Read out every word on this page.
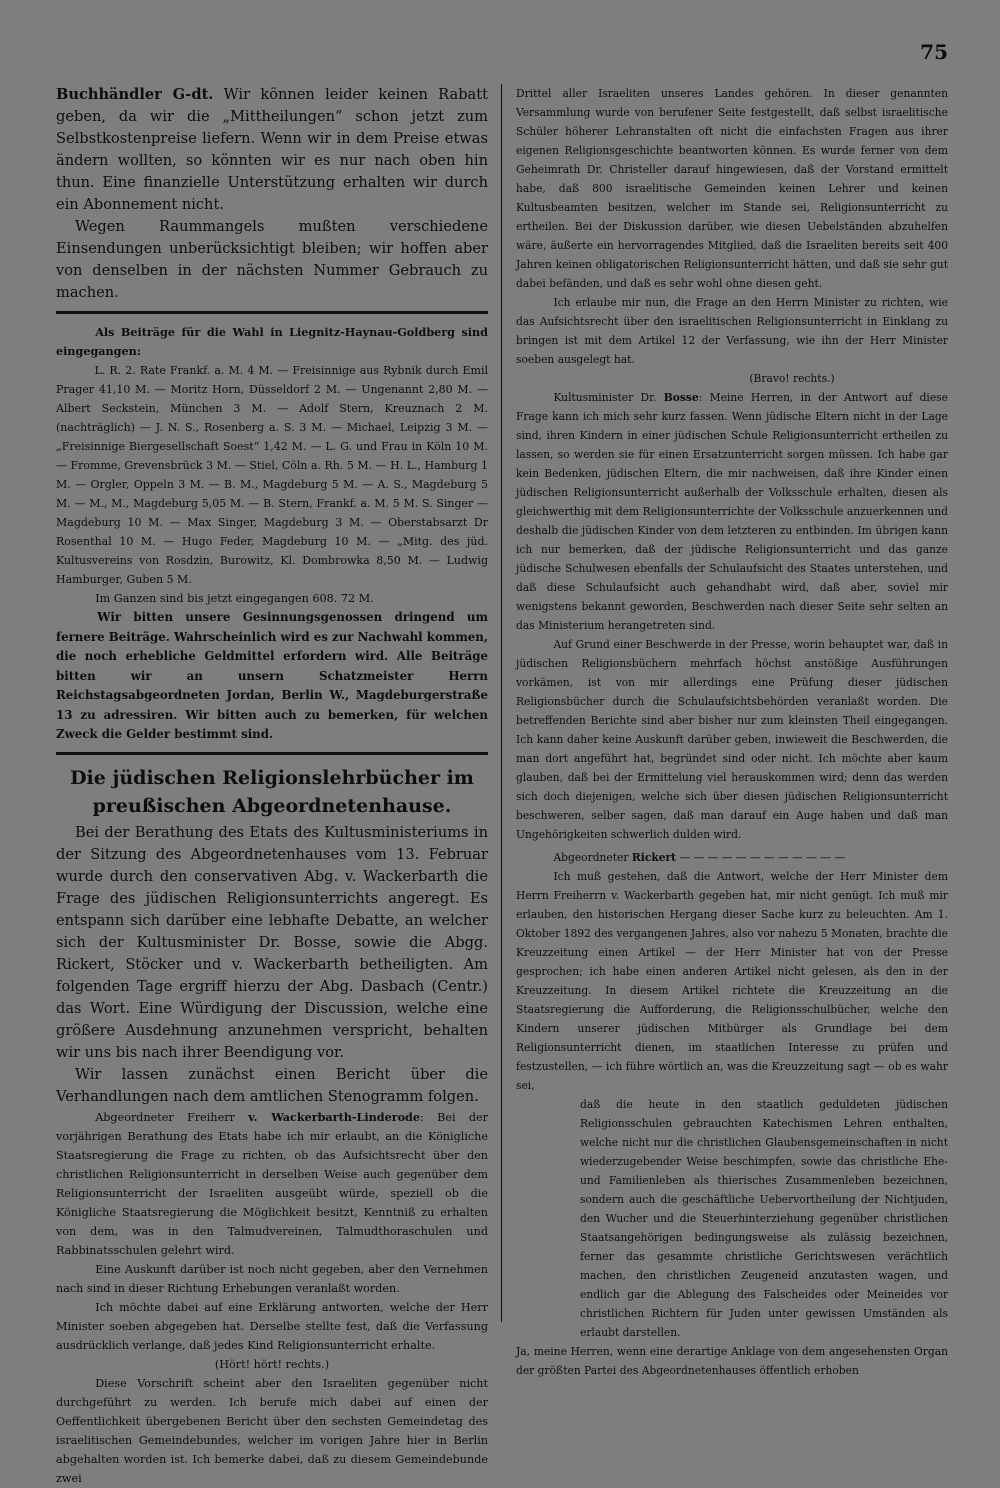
75

Buchhändler G-dt. Wir können leider keinen Rabatt geben, da wir die „Mittheilungen“ schon jetzt zum Selbstkostenpreise liefern. Wenn wir in dem Preise etwas ändern wollten, so könnten wir es nur nach oben hin thun. Eine finanzielle Unterstützung erhalten wir durch ein Abonnement nicht.

Wegen Raummangels mußten verschiedene Einsendungen unberücksichtigt bleiben; wir hoffen aber von denselben in der nächsten Nummer Gebrauch zu machen.

Als Beiträge für die Wahl in Liegnitz-Haynau-Goldberg sind eingegangen:

L. R. 2. Rate Frankf. a. M. 4 M. — Freisinnige aus Rybnik durch Emil Prager 41,10 M. — Moritz Horn, Düsseldorf 2 M. — Ungenannt 2,80 M. — Albert Seckstein, München 3 M. — Adolf Stern, Kreuznach 2 M. (nachträglich) — J. N. S., Rosenberg a. S. 3 M. — Michael, Leipzig 3 M. — „Freisinnige Biergesellschaft Soest“ 1,42 M. — L. G. und Frau in Köln 10 M. — Fromme, Grevensbrück 3 M. — Stiel, Cöln a. Rh. 5 M. — H. L., Hamburg 1 M. — Orgler, Oppeln 3 M. — B. M., Magdeburg 5 M. — A. S., Magdeburg 5 M. — M., M., Magdeburg 5,05 M. — B. Stern, Frankf. a. M. 5 M. S. Singer — Magdeburg 10 M. — Max Singer, Magdeburg 3 M. — Oberstabsarzt Dr Rosenthal 10 M. — Hugo Feder, Magdeburg 10 M. — „Mitg. des jüd. Kultusvereins von Rosdzin, Burowitz, Kl. Dombrowka 8,50 M. — Ludwig Hamburger, Guben 5 M.

Im Ganzen sind bis jetzt eingegangen 608. 72 M.

Wir bitten unsere Gesinnungsgenossen dringend um fernere Beiträge. Wahrscheinlich wird es zur Nachwahl kommen, die noch erhebliche Geldmittel erfordern wird. Alle Beiträge bitten wir an unsern Schatzmeister Herrn Reichstagsabgeordneten Jordan, Berlin W., Magdeburgerstraße 13 zu adressiren. Wir bitten auch zu bemerken, für welchen Zweck die Gelder bestimmt sind.

Die jüdischen Religionslehrbücher im preußischen Abgeordnetenhause.

Bei der Berathung des Etats des Kultusministeriums in der Sitzung des Abgeordnetenhauses vom 13. Februar wurde durch den conservativen Abg. v. Wackerbarth die Frage des jüdischen Religionsunterrichts angeregt. Es entspann sich darüber eine lebhafte Debatte, an welcher sich der Kultusminister Dr. Bosse, sowie die Abgg. Rickert, Stöcker und v. Wackerbarth betheiligten. Am folgenden Tage ergriff hierzu der Abg. Dasbach (Centr.) das Wort. Eine Würdigung der Discussion, welche eine größere Ausdehnung anzunehmen verspricht, behalten wir uns bis nach ihrer Beendigung vor.

Wir lassen zunächst einen Bericht über die Verhandlungen nach dem amtlichen Stenogramm folgen.

Abgeordneter Freiherr v. Wackerbarth-Linderode: Bei der vorjährigen Berathung des Etats habe ich mir erlaubt, an die Königliche Staatsregierung die Frage zu richten, ob das Aufsichtsrecht über den christlichen Religionsunterricht in derselben Weise auch gegenüber dem Religionsunterricht der Israeliten ausgeübt würde, speziell ob die Königliche Staatsregierung die Möglichkeit besitzt, Kenntniß zu erhalten von dem, was in den Talmudvereinen, Talmudthoraschulen und Rabbinatsschulen gelehrt wird.

Eine Auskunft darüber ist noch nicht gegeben, aber den Vernehmen nach sind in dieser Richtung Erhebungen veranlaßt worden.

Ich möchte dabei auf eine Erklärung antworten, welche der Herr Minister soeben abgegeben hat. Derselbe stellte fest, daß die Verfassung ausdrücklich verlange, daß jedes Kind Religionsunterricht erhalte.

(Hört! hört! rechts.)

Diese Vorschrift scheint aber den Israeliten gegenüber nicht durchgeführt zu werden. Ich berufe mich dabei auf einen der Oeffentlichkeit übergebenen Bericht über den sechsten Gemeindetag des israelitischen Gemeindebundes, welcher im vorigen Jahre hier in Berlin abgehalten worden ist. Ich bemerke dabei, daß zu diesem Gemeindebunde zwei

Drittel aller Israeliten unseres Landes gehören. In dieser genannten Versammlung wurde von berufener Seite festgestellt, daß selbst israelitische Schüler höherer Lehranstalten oft nicht die einfachsten Fragen aus ihrer eigenen Religionsgeschichte beantworten können. Es wurde ferner von dem Geheimrath Dr. Christeller darauf hingewiesen, daß der Vorstand ermittelt habe, daß 800 israelitische Gemeinden keinen Lehrer und keinen Kultusbeamten besitzen, welcher im Stande sei, Religionsunterricht zu ertheilen. Bei der Diskussion darüber, wie diesen Uebelständen abzuhelfen wäre, äußerte ein hervorragendes Mitglied, daß die Israeliten bereits seit 400 Jahren keinen obligatorischen Religionsunterricht hätten, und daß sie sehr gut dabei befänden, und daß es sehr wohl ohne diesen geht.

Ich erlaube mir nun, die Frage an den Herrn Minister zu richten, wie das Aufsichtsrecht über den israelitischen Religionsunterricht in Einklang zu bringen ist mit dem Artikel 12 der Verfassung, wie ihn der Herr Minister soeben ausgelegt hat.

(Bravo! rechts.)

Kultusminister Dr. Bosse: Meine Herren, in der Antwort auf diese Frage kann ich mich sehr kurz fassen. Wenn jüdische Eltern nicht in der Lage sind, ihren Kindern in einer jüdischen Schule Religionsunterricht ertheilen zu lassen, so werden sie für einen Ersatzunterricht sorgen müssen. Ich habe gar kein Bedenken, jüdischen Eltern, die mir nachweisen, daß ihre Kinder einen jüdischen Religionsunterricht außerhalb der Volksschule erhalten, diesen als gleichwerthig mit dem Religionsunterrichte der Volksschule anzuerkennen und deshalb die jüdischen Kinder von dem letzteren zu entbinden. Im übrigen kann ich nur bemerken, daß der jüdische Religionsunterricht und das ganze jüdische Schulwesen ebenfalls der Schulaufsicht des Staates unterstehen, und daß diese Schulaufsicht auch gehandhabt wird, daß aber, soviel mir wenigstens bekannt geworden, Beschwerden nach dieser Seite sehr selten an das Ministerium herangetreten sind.

Auf Grund einer Beschwerde in der Presse, worin behauptet war, daß in jüdischen Religionsbüchern mehrfach höchst anstößige Ausführungen vorkämen, ist von mir allerdings eine Prüfung dieser jüdischen Religionsbücher durch die Schulaufsichtsbehörden veranlaßt worden. Die betreffenden Berichte sind aber bisher nur zum kleinsten Theil eingegangen. Ich kann daher keine Auskunft darüber geben, inwieweit die Beschwerden, die man dort angeführt hat, begründet sind oder nicht. Ich möchte aber kaum glauben, daß bei der Ermittelung viel herauskommen wird; denn das werden sich doch diejenigen, welche sich über diesen jüdischen Religionsunterricht beschweren, selber sagen, daß man darauf ein Auge haben und daß man Ungehörigkeiten schwerlich dulden wird.

Abgeordneter Rickert — — — — — — — — — — — —

Ich muß gestehen, daß die Antwort, welche der Herr Minister dem Herrn Freiherrn v. Wackerbarth gegeben hat, mir nicht genügt. Ich muß mir erlauben, den historischen Hergang dieser Sache kurz zu beleuchten. Am 1. Oktober 1892 des vergangenen Jahres, also vor nahezu 5 Monaten, brachte die Kreuzzeitung einen Artikel — der Herr Minister hat von der Presse gesprochen; ich habe einen anderen Artikel nicht gelesen, als den in der Kreuzzeitung. In diesem Artikel richtete die Kreuzzeitung an die Staatsregierung die Aufforderung, die Religionsschulbücher, welche den Kindern unserer jüdischen Mitbürger als Grundlage bei dem Religionsunterricht dienen, im staatlichen Interesse zu prüfen und festzustellen, — ich führe wörtlich an, was die Kreuzzeitung sagt — ob es wahr sei,

daß die heute in den staatlich geduldeten jüdischen Religionsschulen gebrauchten Katechismen Lehren enthalten, welche nicht nur die christlichen Glaubensgemeinschaften in nicht wiederzugebender Weise beschimpfen, sowie das christliche Ehe- und Familienleben als thierisches Zusammenleben bezeichnen, sondern auch die geschäftliche Uebervortheilung der Nichtjuden, den Wucher und die Steuerhinterziehung gegenüber christlichen Staatsangehörigen bedingungsweise als zulässig bezeichnen, ferner das gesammte christliche Gerichtswesen verächtlich machen, den christlichen Zeugeneid anzutasten wagen, und endlich gar die Ablegung des Falscheides oder Meineides vor christlichen Richtern für Juden unter gewissen Umständen als erlaubt darstellen.

Ja, meine Herren, wenn eine derartige Anklage von dem angesehensten Organ der größten Partei des Abgeordnetenhauses öffentlich erhoben
